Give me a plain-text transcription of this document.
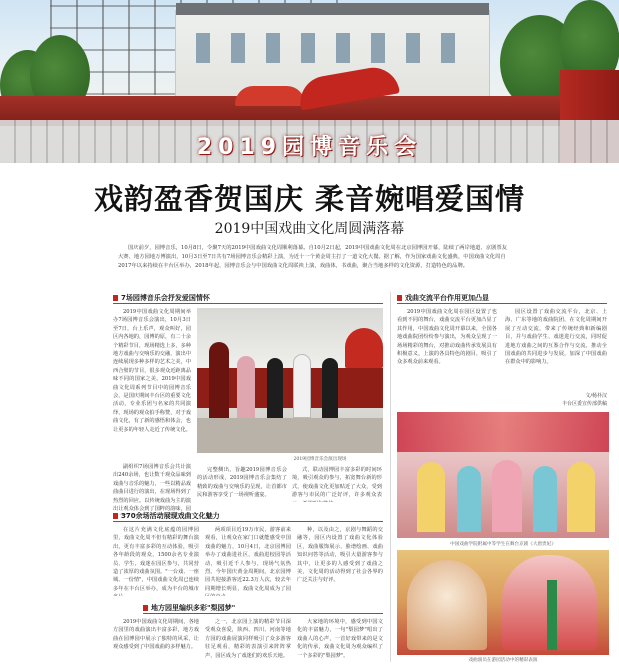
2019园博音乐会
戏韵盈香贺国庆 柔音婉唱爱国情
2019中国戏曲文化周圆满落幕
国庆前夕，园博音乐，10月8日，令聚7天的2019中国戏曲文化周顺利落幕。自10月2日起，2019中国戏曲文化周在北京园博园开幕，陆续了两岸地道、京剧票友大赛、地方园地万博演出，10月3日至7日共有7场园博音乐会精彩上演，为近十一个黄金周主打了一道文化大餐。据了解，作为国家戏曲文化盛典，中国戏曲文化周自2017年以来持续在丰台区举办，2018年起，园博音乐会与中国戏曲文化周联袂上演，戏曲体，书戏曲，聚合当地多样的文化资源，打造特色的品牌。
7场园博音乐会抒发爱国情怀

2019中国戏曲文化周期间举办7场园博音乐会演出，10月3日至7日，台上乐声，观众叫好，园区内各地的，园博的原，有二十余个精彩节目，现场精选上多，多种地方戏曲与交响乐的交融，演出中连续展现多种多样的艺术之美，中西合璧的节目，很多观众近距离品味不同的国家之美。2019中国戏曲文化周系列节目中的园博音乐会，是国庆期间丰台区的重要文化活动，专业乐团与名家的共同演绎，现场的观众拍手称赞，对于戏曲文化，有了新的感悟和体会，也让更多的年轻人走近了传统文化。

2019园博音乐会演出现场

副组织7场园博音乐会共计演出240余场，也让数千观众品味到戏曲与音乐的魅力，一些以精品戏曲曲目进行的演出，在现场得到了热烈的回应。以传统戏曲为主的演出让观众体会到了国粹的韵味，园

完整侧出，旨趣2019园博音乐会的活动形成，2019园博音乐会集结了精致的戏曲与交响乐的呈现，让首都市民和游客享受了一场视听盛宴。

式，联动园博园丰富多彩的时间环境，吸引观众的参与，拓宽舞台新的形式，使戏曲文化更加贴近了大众，受到游客与市民的广泛好评，许多观众表

戏曲交流平台作用更加凸显

2019中国戏曲文化周在园区设置了也看到不同的舞台，戏曲交流平台更加凸显了其作用，中国戏曲文化周开幕以来，全国各地戏曲院团纷纷参与演出，为观众呈现了一场场精彩的舞台，对推动戏曲传承发展具有积极意义，上演的各具特色的剧目，吸引了众多观众前来观看。

园区设置了戏曲交流平台，北京、上海、广东等地的戏曲院团，在文化周期间开展了互动交流，带来了传统经典和新编剧目，并与戏曲学生、戏迷进行交流，同时促进地方戏曲之间的互鉴合作与交流，推动全国戏曲的共同进步与发展，加深了中国戏曲在群众中的影响力。

文/杨朴汉
丰台区委宣传部供稿
中国戏曲学院附属中等学生在舞台京剧《大唐贵妃》
戏曲演员在游园活动中的精彩表演
370余场活动展现戏曲文化魅力

在这片充满文化底蕴的园博园里，戏曲文化周不但有精彩的舞台演出，更有丰富多彩的互动体验，吸引各年龄段的观众，1500余名专业演员、学生、戏迷在园区参与，共同营造了浓厚的戏曲氛围。"一台戏、一座城、一份情"，中国戏曲文化周已连续多年在丰台区举办，成为丰台的城市

两项项目近19万市民、游客前来观看，让观众在家门口就能感受中国戏曲的魅力，10月4日，北京园博园举办了戏曲进社区、戏曲进校园等活动，吸引近千人参与，现场气氛热烈。今年国庆黄金周期间，北京园博园共迎接游客近22.3万人次，较去年同期增长明显，戏曲文化周成为了园

种，以及由之，京剧与舞蹈的交融等，园区内设置了戏曲文化体验区，戏曲服饰展示、脸谱绘画、戏曲知识问答等活动，吸引大量游客参与其中，让更多的人感受到了戏曲之美，文化周的活动得到了社会各界的广泛关注与好评。

地方园里编织多彩"梨园梦"

2019中国戏曲文化周期间，各地方园里的戏曲演出丰富多彩，地方戏曲在园博园中展示了独特的风采，让观众感受到了中国戏曲的多样魅力。

之一，北京园上演的精彩节目深受观众喜爱，陕西、四川、河南等地方园的戏曲展演同样吸引了众多游客驻足观看，精彩的表演引来阵阵掌声，园区成为了戏迷们的欢乐天地。

大家地的环境中，感受到中国文化的丰富魅力，一句"梨园梦"唱出了戏曲人的心声，一首好戏带来的是文化的传承，戏曲文化周为观众编织了一个多彩的"梨园梦"。
